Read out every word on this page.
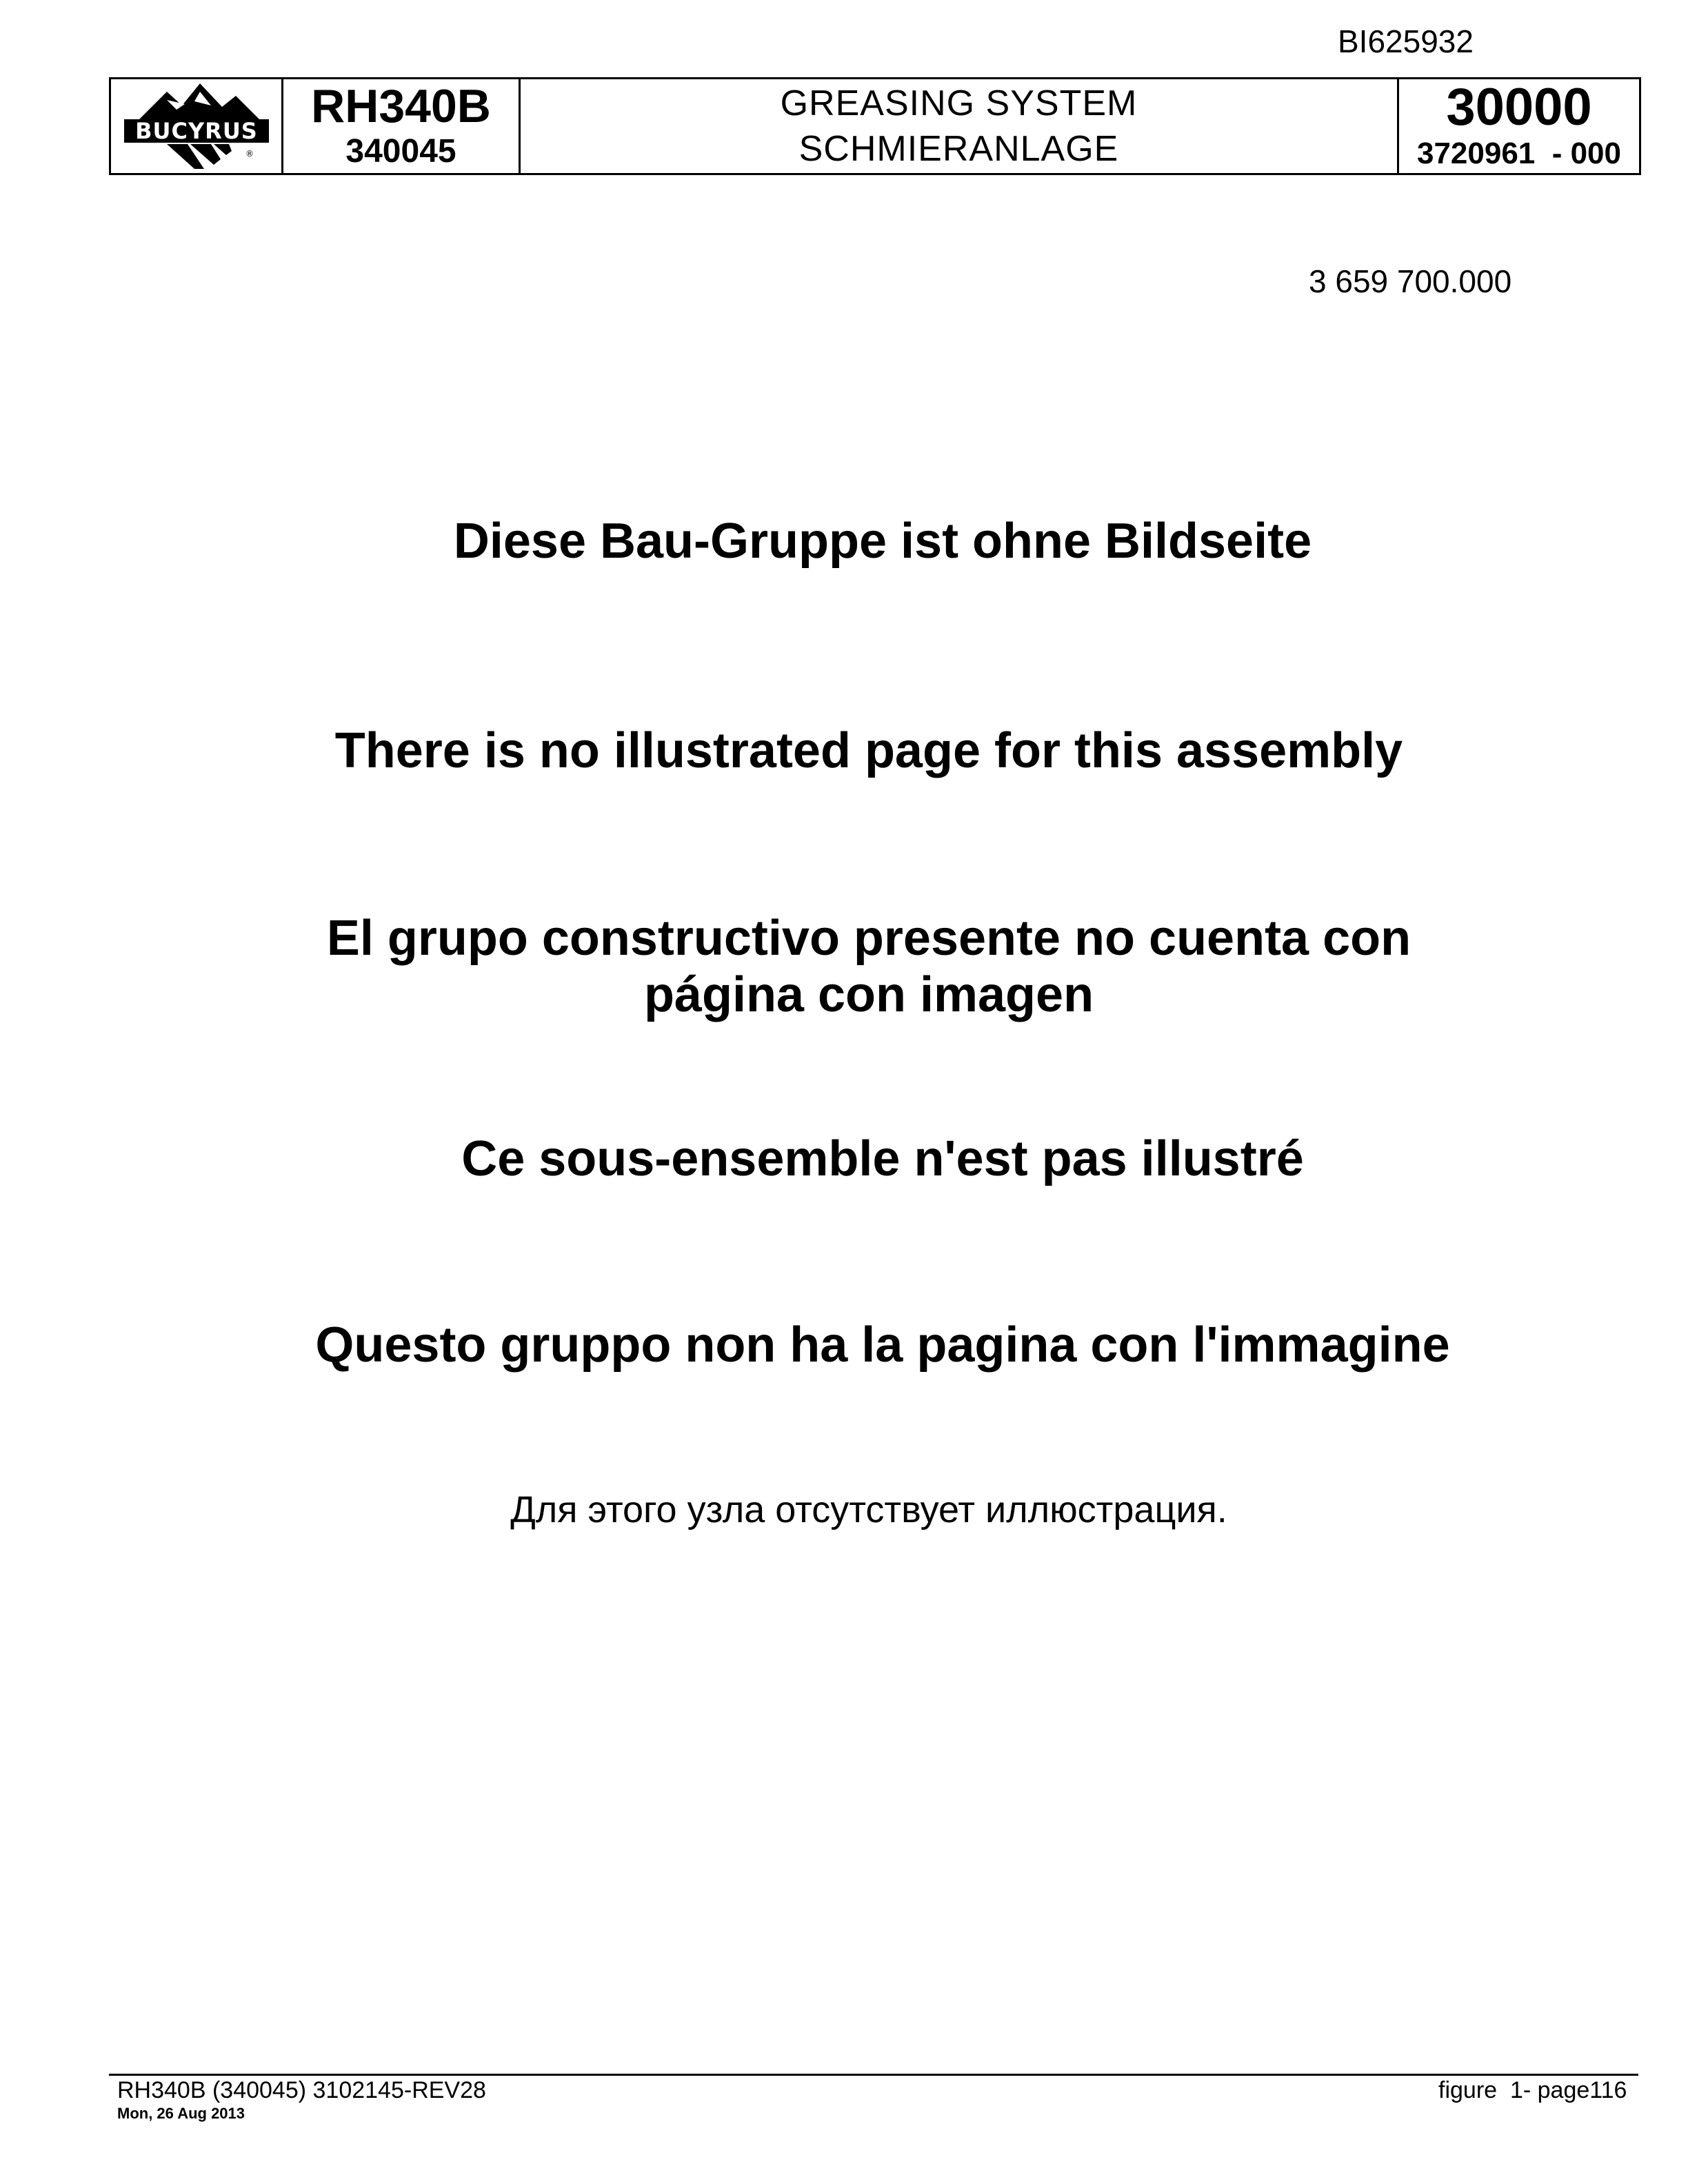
BI625932
BUCYRUS
®
RH340B
340045
GREASING SYSTEM
SCHMIERANLAGE
30000
3720961  - 000
3 659 700.000
Diese Bau-Gruppe ist ohne Bildseite
There is no illustrated page for this assembly
El grupo constructivo presente no cuenta con
página con imagen
Ce sous-ensemble n'est pas illustré
Questo gruppo non ha la pagina con l'immagine
Для этого узла отсутствует иллюстрация.
RH340B (340045) 3102145-REV28
Mon, 26 Aug 2013
figure  1- page116
